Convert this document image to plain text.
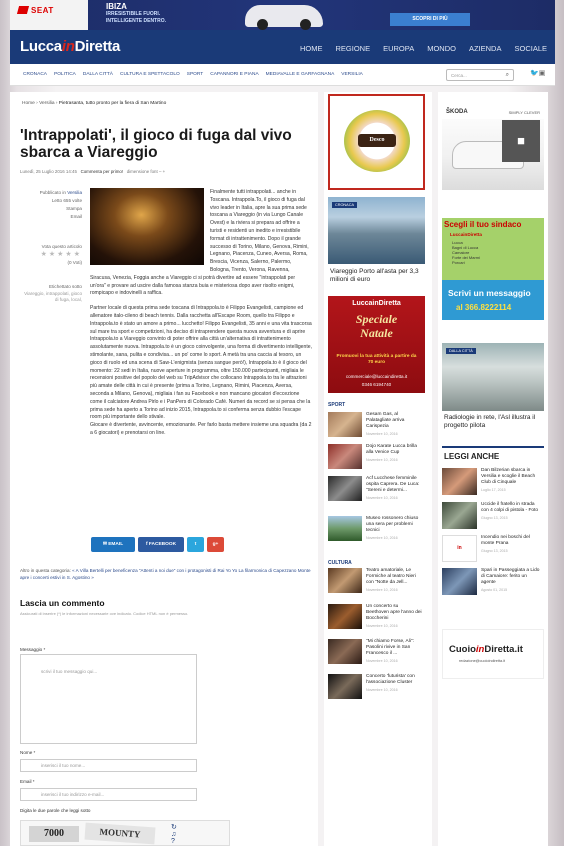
SEAT	IBIZA
IRRESISTIBILE FUORI.
INTELLIGENTE DENTRO.	SCOPRI DI PIÙ
LuccainDiretta	HOME REGIONE EUROPA MONDO AZIENDA SOCIALE
CRONACA POLITICA DALLA CITTÀ CULTURA E SPETTACOLO SPORT CAPANNORI E PIANA MEDIAVALLE E GARFAGNANA VERSILIA	Cerca...	⌕	🐦▣
Home › Versilia › Pietrasanta, tutto pronto per la fiera di San Martino
'Intrappolati', il gioco di fuga dal vivo sbarca a Viareggio
Lunedì, 25 Luglio 2016 14:45 Commenta per primo! dimensione font – +
Pubblicato in Versilia
Letto 655 volte
Stampa
Email
Vota questo articolo
★★★★★
(0 Voti)
Etichettato sotto
Viareggio, intrappolati, gioco di fuga, local,

Finalmente tutti intrappolati... anche in Toscana. Intrappola.To, il gioco di fuga dal vivo leader in Italia, apre la sua prima sede toscana a Viareggio (in via Lungo Canale Ovest) e la riviera si prepara ad offrire a turisti e residenti un inedito e irresistibile format di intrattenimento. Dopo il grande successo di Torino, Milano, Genova, Rimini, Legnano, Piacenza, Cuneo, Aversa, Roma, Brescia, Vicenza, Salerno, Palermo, Bologna, Trento, Verona, Ravenna, Siracusa, Venezia, Foggia anche a Viareggio ci si potrà divertire ad essere "intrappolati per un'ora" e provare ad uscire dalla famosa stanza buia e misteriosa dopo aver risolto enigmi, rompicapo e indovinelli a raffica.

Partner locale di questa prima sede toscana di Intrappola.to è Filippo Evangelisti, campione ed allenatore italo-cileno di beach tennis. Dalla racchetta all'Escape Room, quello tra Filippo e Intrappola.to è stato un amore a primo... lucchetto! Filippo Evangelisti, 35 anni e una vita trascorsa sul mare tra sport e competizioni, ha deciso di intraprendere questa nuova avventura e di aprire Intrappola.to a Viareggio convinto di poter offrire alla città un'alternativa di intrattenimento assolutamente nuova. Intrappola.to è un gioco coinvolgente, una forma di divertimento intelligente, stimolante, sana, pulita e condivisa... un po' come lo sport. A metà tra una caccia al tesoro, un gioco di ruolo ed una scena di Saw-L'enigmista (senza sangue però!), Intrappola.to è il gioco del momento: 22 sedi in Italia, nuove aperture in programma, oltre 150.000 partecipanti, migliaia le recensioni positive del popolo del web su TripAdvisor che collocano Intrappola.to tra le attrazioni più amate delle città in cui è presente (prima a Torino, Legnano, Rimini, Piacenza, Aversa, seconda a Milano, Genova), migliaia i fan su Facebook e non mancano giocatori d'eccezione come il calciatore Andrea Pirlo e i PanPers di Colorado Café. Numeri da record se si pensa che la prima sede ha aperto a Torino ad inizio 2015, Intrappola.to si conferma senza dubbio l'escape room più importante dello stivale.

Giocare è divertente, avvincente, emozionante. Per farlo basta mettere insieme una squadra (da 2 a 6 giocatori) e prenotarsi on line.

✉ EMAIL	f FACEBOOK	t	g+
Altro in questa categoria: « A Villa Bertelli per beneficenza "Attenti a noi due" con i protagonisti di Rai Yo Yo La filarmonica di Capezzano Monte apre i concerti estivi in S. Agostino »
Lascia un commento
Assicurati di inserire (*) le informazioni necessarie ove indicato. Codice HTML non è permesso.
Messaggio *
scrivi il tuo messaggio qui...
Nome *
inserisci il tuo nome...
Email *
inserisci il tuo indirizzo e-mail...
Digita le due parole che leggi sotto
7000	MOUNTY	↻
♫
?
Desco
CRONACA
Viareggio Porto all'asta per 3,3 milioni di euro
LuccainDiretta
Speciale
Natale
Promuovi la tua attività a partire da 70 euro
commerciale@luccaindiretta.it
0346 6194740
SPORT
Gesam Gas, al Palatagliate arriva Carispezia
Novembre 10, 2016
Dojo Karate Lucca brilla alla Venice Cup
Novembre 10, 2016
Acf Lucchese femminile ospita Caprera. De Luca: "Sereni e determi...
Novembre 10, 2016
Museo rossonero chiuso una sera per problemi tecnici
Novembre 10, 2016
CULTURA
Teatro amatoriale, Le Formiche al teatro Nieri con "Notte da Jell...
Novembre 10, 2016
Un concerto su Beethoven apre l'anno dei Boccherini
Novembre 10, 2016
"Mi chiamo Forse, Ali": Pasolini rivive in San Francesco il ...
Novembre 10, 2016
Concerto 'futurista' con l'associazione Cluster
Novembre 10, 2016
ŠKODA	SIMPLY CLEVER
■
Scegli il tuo sindaco
LuccainDiretta
Lucca
Bagni di Lucca
Camaiore
Forte dei Marmi
Porcari
Scrivi un messaggio
al 366.8222114
DALLA CITTÀ
Radiologie in rete, l'Asl illustra il progetto pilota
LEGGI ANCHE
Dan Bilzerian sbarca in Versilia e scoglie il Beach Club di Cinquale
Luglio 17, 2015
Uccide il fratello in strada con 4 colpi di pistola - Foto
Giugno 13, 2015
in
Incendio nei boschi del monte Prana
Giugno 13, 2015
Spari in Passeggiata a Lido di Camaiore: ferito un agente
Agosto 01, 2015
CuoioinDiretta.it
redazione@cuoioindiretta.it
